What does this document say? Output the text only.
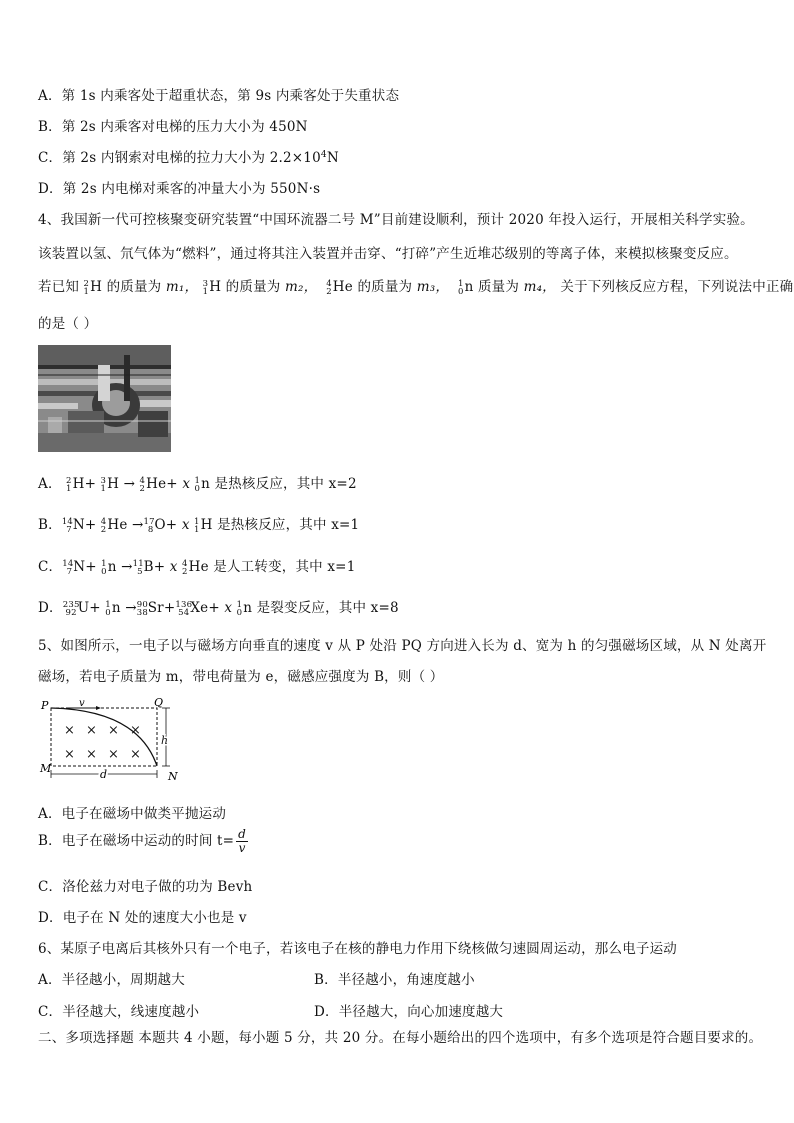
A．第 1s 内乘客处于超重状态，第 9s 内乘客处于失重状态
B．第 2s 内乘客对电梯的压力大小为 450N
C．第 2s 内钢索对电梯的拉力大小为 $2.2\times 10^4N$
D．第 2s 内电梯对乘客的冲量大小为 550N·s
4、我国新一代可控核聚变研究装置“中国环流器二号 M”目前建设顺利，预计 2020 年投入运行，开展相关科学实验。
该装置以氢、氘气体为“燃料”，通过将其注入装置并击穿、“打碎”产生近堆芯级别的等离子体，来模拟核聚变反应。
若已知 2
1 H 的质量为 m₁， 3
1 H 的质量为 m₂，	4
2 He 的质量为 m₃，	1
0 n 质量为 m₄， 关于下列核反应方程，下列说法中正确
的是（ ）
A． 2
1 H+ 3
1 H → 4
2 He+ x 1
0 n 是热核反应，其中 x=2
B． 14
7 N+ 4
2 He → 17
8 O+ x 1
1 H 是热核反应，其中 x=1
C． 14
7 N+ 1
0 n → 11
5 B+ x 4
2 He 是人工转变，其中 x=1
D． 235
92 U+ 1
0 n → 90
38 Sr+ 136
54 Xe+ x 1
0 n 是裂变反应，其中 x=8
5、如图所示，一电子以与磁场方向垂直的速度 v 从 P 处沿 PQ 方向进入长为 d、宽为 h 的匀强磁场区域，从 N 处离开
磁场，若电子质量为 m，带电荷量为 e，磁感应强度为 B，则（ ）
P	v	Q
M
N
h
d
× × × ×
× × × ×
A．电子在磁场中做类平抛运动
B．电子在磁场中运动的时间 $t= \frac{d}{v}$
C．洛伦兹力对电子做的功为 Bevh
D．电子在 N 处的速度大小也是 v
6、某原子电离后其核外只有一个电子，若该电子在核的静电力作用下绕核做匀速圆周运动，那么电子运动
A．半径越小，周期越大	B．半径越小，角速度越小
C．半径越大，线速度越小	D．半径越大，向心加速度越大
二、多项选择题 本题共 4 小题，每小题 5 分，共 20 分。在每小题给出的四个选项中，有多个选项是符合题目要求的。
